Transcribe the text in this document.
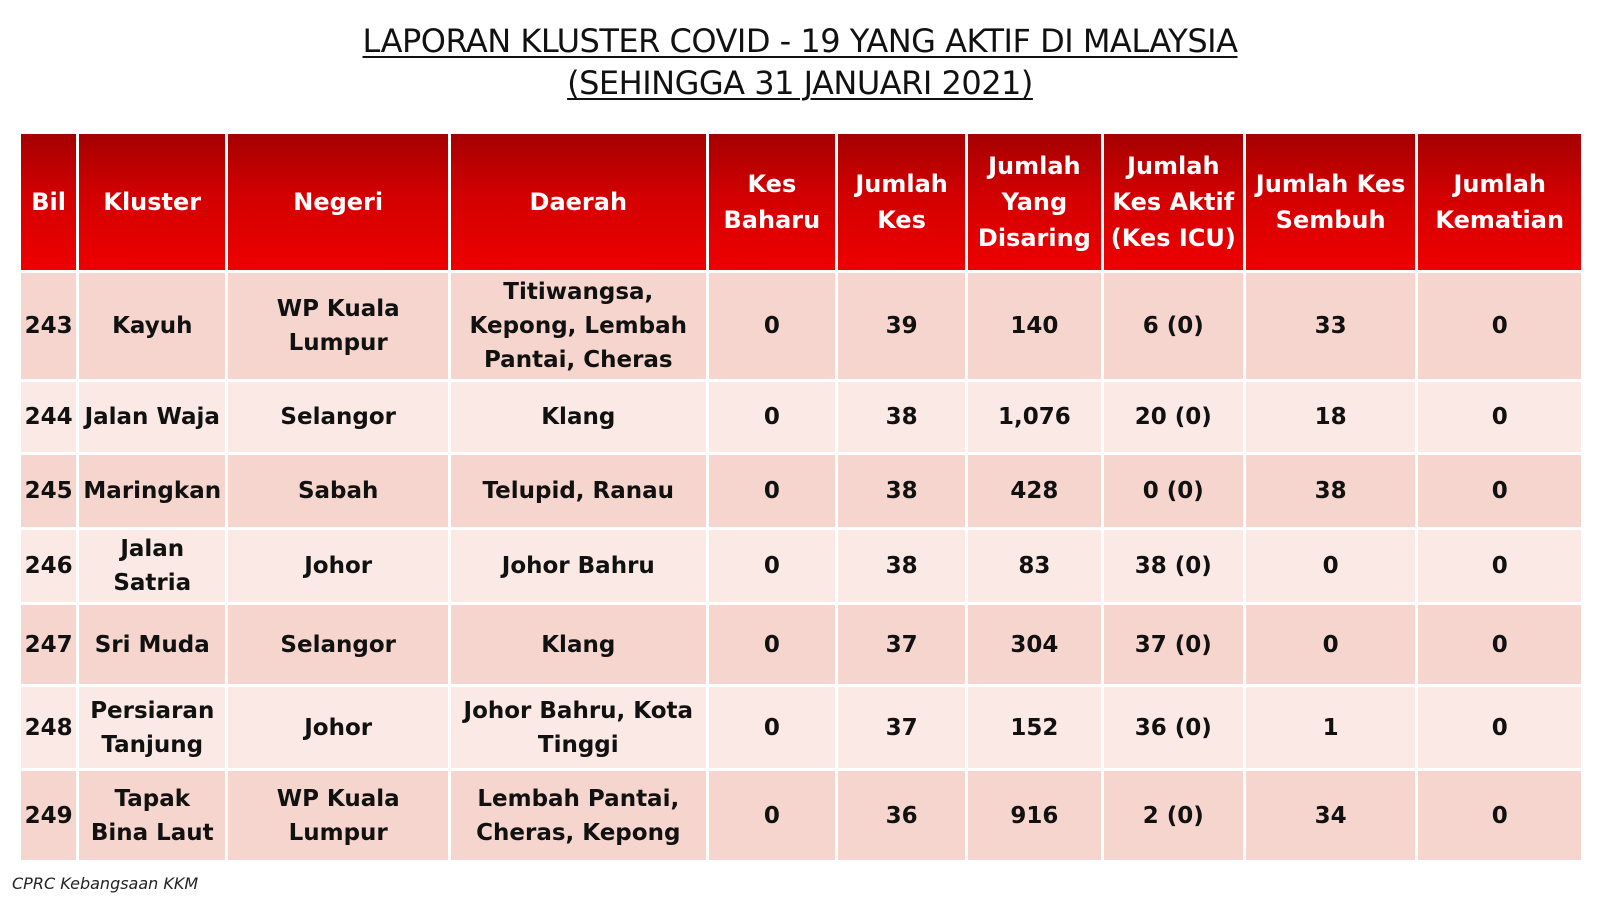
LAPORAN KLUSTER COVID - 19 YANG AKTIF DI MALAYSIA
(SEHINGGA 31 JANUARI 2021)
Bil	Kluster	Negeri	Daerah	Kes Baharu	Jumlah Kes	Jumlah Yang Disaring	Jumlah Kes Aktif (Kes ICU)	Jumlah Kes Sembuh	Jumlah Kematian
243	Kayuh	WP Kuala Lumpur	Titiwangsa, Kepong, Lembah Pantai, Cheras	0	39	140	6 (0)	33	0
244	Jalan Waja	Selangor	Klang	0	38	1,076	20 (0)	18	0
245	Maringkan	Sabah	Telupid, Ranau	0	38	428	0 (0)	38	0
246	Jalan Satria	Johor	Johor Bahru	0	38	83	38 (0)	0	0
247	Sri Muda	Selangor	Klang	0	37	304	37 (0)	0	0
248	Persiaran Tanjung	Johor	Johor Bahru, Kota Tinggi	0	37	152	36 (0)	1	0
249	Tapak Bina Laut	WP Kuala Lumpur	Lembah Pantai, Cheras, Kepong	0	36	916	2 (0)	34	0
CPRC Kebangsaan KKM
